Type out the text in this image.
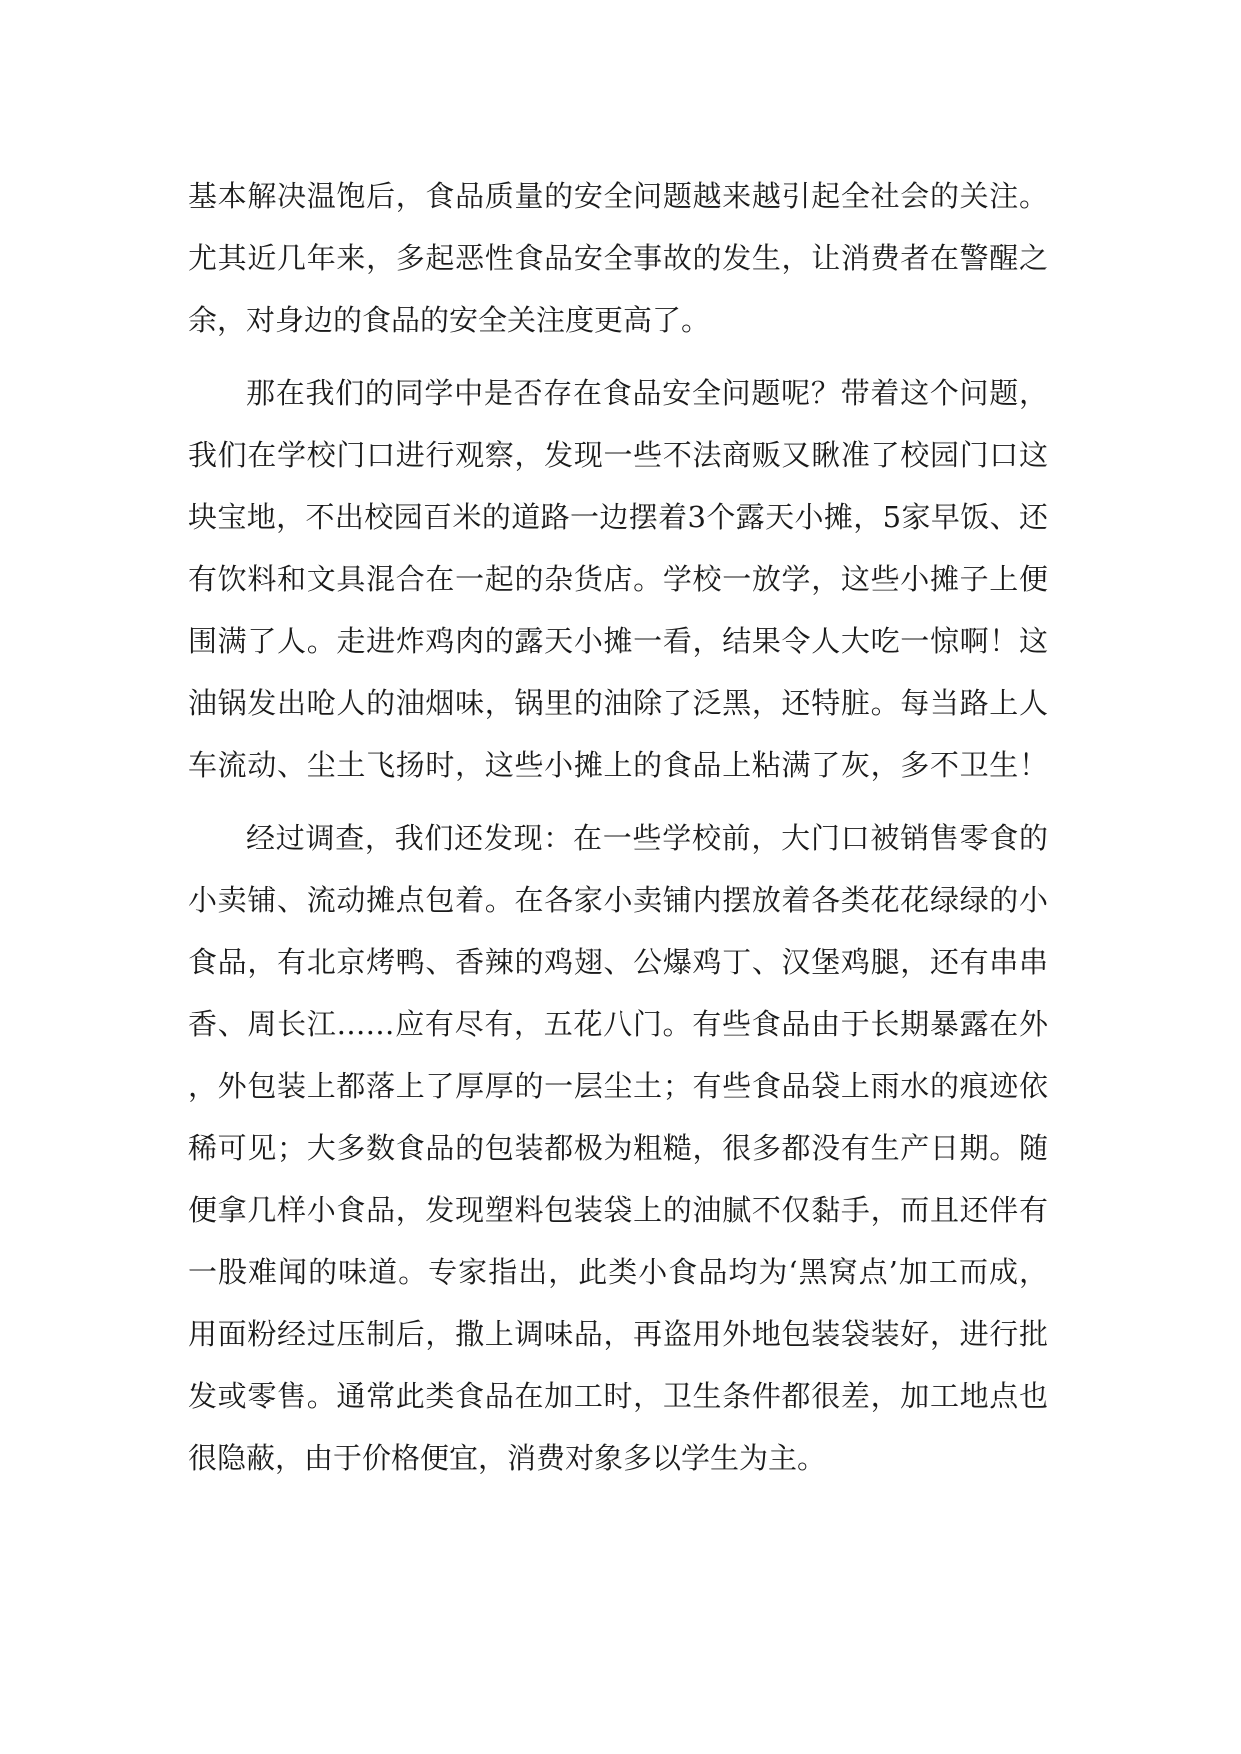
基本解决温饱后，食品质量的安全问题越来越引起全社会的关注。
尤其近几年来，多起恶性食品安全事故的发生，让消费者在警醒之
余，对身边的食品的安全关注度更高了。
那在我们的同学中是否存在食品安全问题呢？带着这个问题，
我们在学校门口进行观察，发现一些不法商贩又瞅准了校园门口这
块宝地，不出校园百米的道路一边摆着3个露天小摊，5家早饭、还
有饮料和文具混合在一起的杂货店。学校一放学，这些小摊子上便
围满了人。走进炸鸡肉的露天小摊一看，结果令人大吃一惊啊！这
油锅发出呛人的油烟味，锅里的油除了泛黑，还特脏。每当路上人
车流动、尘土飞扬时，这些小摊上的食品上粘满了灰，多不卫生！
经过调查，我们还发现：在一些学校前，大门口被销售零食的
小卖铺、流动摊点包着。在各家小卖铺内摆放着各类花花绿绿的小
食品，有北京烤鸭、香辣的鸡翅、公爆鸡丁、汉堡鸡腿，还有串串
香、周长江……应有尽有，五花八门。有些食品由于长期暴露在外
，外包装上都落上了厚厚的一层尘土；有些食品袋上雨水的痕迹依
稀可见；大多数食品的包装都极为粗糙，很多都没有生产日期。随
便拿几样小食品，发现塑料包装袋上的油腻不仅黏手，而且还伴有
一股难闻的味道。专家指出，此类小食品均为‘黑窝点’加工而成，
用面粉经过压制后，撒上调味品，再盗用外地包装袋装好，进行批
发或零售。通常此类食品在加工时，卫生条件都很差，加工地点也
很隐蔽，由于价格便宜，消费对象多以学生为主。
